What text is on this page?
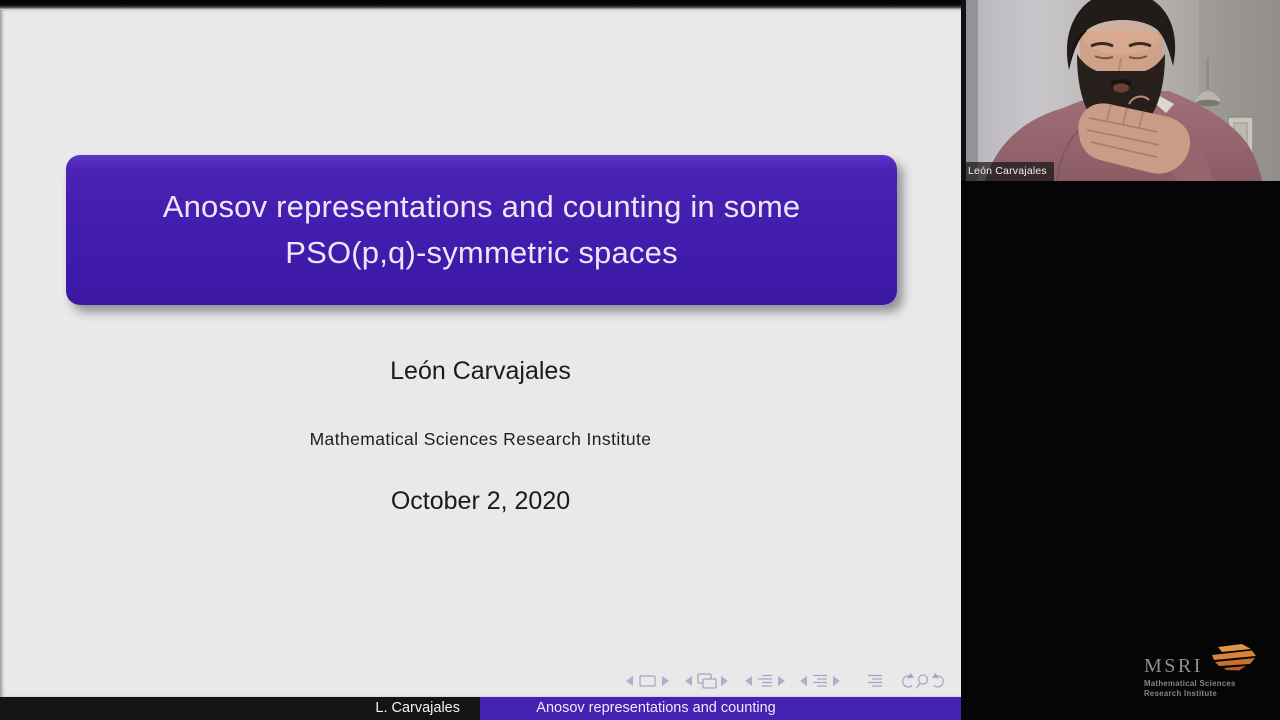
Anosov representations and counting in some PSO(p,q)-symmetric spaces
León Carvajales
Mathematical Sciences Research Institute
October 2, 2020
L. Carvajales	Anosov representations and counting
León Carvajales
MSRI
Mathematical Sciences
Research Institute
